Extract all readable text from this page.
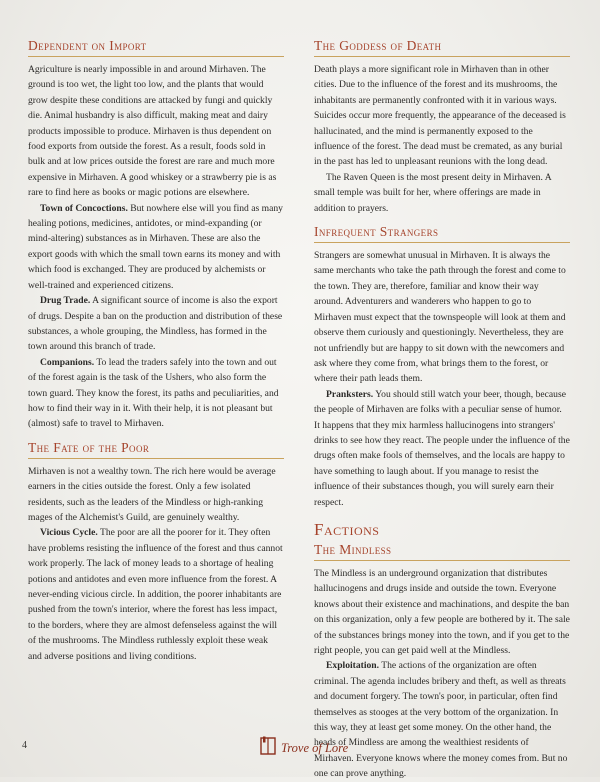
Dependent on Import

Agriculture is nearly impossible in and around Mirhaven. The ground is too wet, the light too low, and the plants that would grow despite these conditions are attacked by fungi and quickly die. Animal husbandry is also difficult, making meat and dairy products impossible to produce. Mirhaven is thus dependent on food exports from outside the forest. As a result, foods sold in bulk and at low prices outside the forest are rare and much more expensive in Mirhaven. A good whiskey or a strawberry pie is as rare to find here as books or magic potions are elsewhere.

Town of Concoctions. But nowhere else will you find as many healing potions, medicines, antidotes, or mind-expanding (or mind-altering) substances as in Mirhaven. These are also the export goods with which the small town earns its money and with which food is exchanged. They are produced by alchemists or well-trained and experienced citizens.

Drug Trade. A significant source of income is also the export of drugs. Despite a ban on the production and distribution of these substances, a whole grouping, the Mindless, has formed in the town around this branch of trade.

Companions. To lead the traders safely into the town and out of the forest again is the task of the Ushers, who also form the town guard. They know the forest, its paths and peculiarities, and how to find their way in it. With their help, it is not pleasant but (almost) safe to travel to Mirhaven.

The Fate of the Poor

Mirhaven is not a wealthy town. The rich here would be average earners in the cities outside the forest. Only a few isolated residents, such as the leaders of the Mindless or high-ranking mages of the Alchemist's Guild, are genuinely wealthy.

Vicious Cycle. The poor are all the poorer for it. They often have problems resisting the influence of the forest and thus cannot work properly. The lack of money leads to a shortage of healing potions and antidotes and even more influence from the forest. A never-ending vicious circle. In addition, the poorer inhabitants are pushed from the town's interior, where the forest has less impact, to the borders, where they are almost defenseless against the will of the mushrooms. The Mindless ruthlessly exploit these weak and adverse positions and living conditions.

The Goddess of Death

Death plays a more significant role in Mirhaven than in other cities. Due to the influence of the forest and its mushrooms, the inhabitants are permanently confronted with it in various ways. Suicides occur more frequently, the appearance of the deceased is hallucinated, and the mind is permanently exposed to the influence of the forest. The dead must be cremated, as any burial in the past has led to unpleasant reunions with the long dead.

The Raven Queen is the most present deity in Mirhaven. A small temple was built for her, where offerings are made in addition to prayers.

Infrequent Strangers

Strangers are somewhat unusual in Mirhaven. It is always the same merchants who take the path through the forest and come to the town. They are, therefore, familiar and know their way around. Adventurers and wanderers who happen to go to Mirhaven must expect that the townspeople will look at them and observe them curiously and questioningly. Nevertheless, they are not unfriendly but are happy to sit down with the newcomers and ask where they come from, what brings them to the forest, or where their path leads them.

Pranksters. You should still watch your beer, though, because the people of Mirhaven are folks with a peculiar sense of humor. It happens that they mix harmless hallucinogens into strangers' drinks to see how they react. The people under the influence of the drugs often make fools of themselves, and the locals are happy to have something to laugh about. If you manage to resist the influence of their substances though, you will surely earn their respect.

Factions
The Mindless

The Mindless is an underground organization that distributes hallucinogens and drugs inside and outside the town. Everyone knows about their existence and machinations, and despite the ban on this organization, only a few people are bothered by it. The sale of the substances brings money into the town, and if you get to the right people, you can get paid well at the Mindless.

Exploitation. The actions of the organization are often criminal. The agenda includes bribery and theft, as well as threats and document forgery. The town's poor, in particular, often find themselves as stooges at the very bottom of the organization. In this way, they at least get some money. On the other hand, the heads of Mindless are among the wealthiest residents of Mirhaven. Everyone knows where the money comes from. But no one can prove anything.

4	Trove of Lore
